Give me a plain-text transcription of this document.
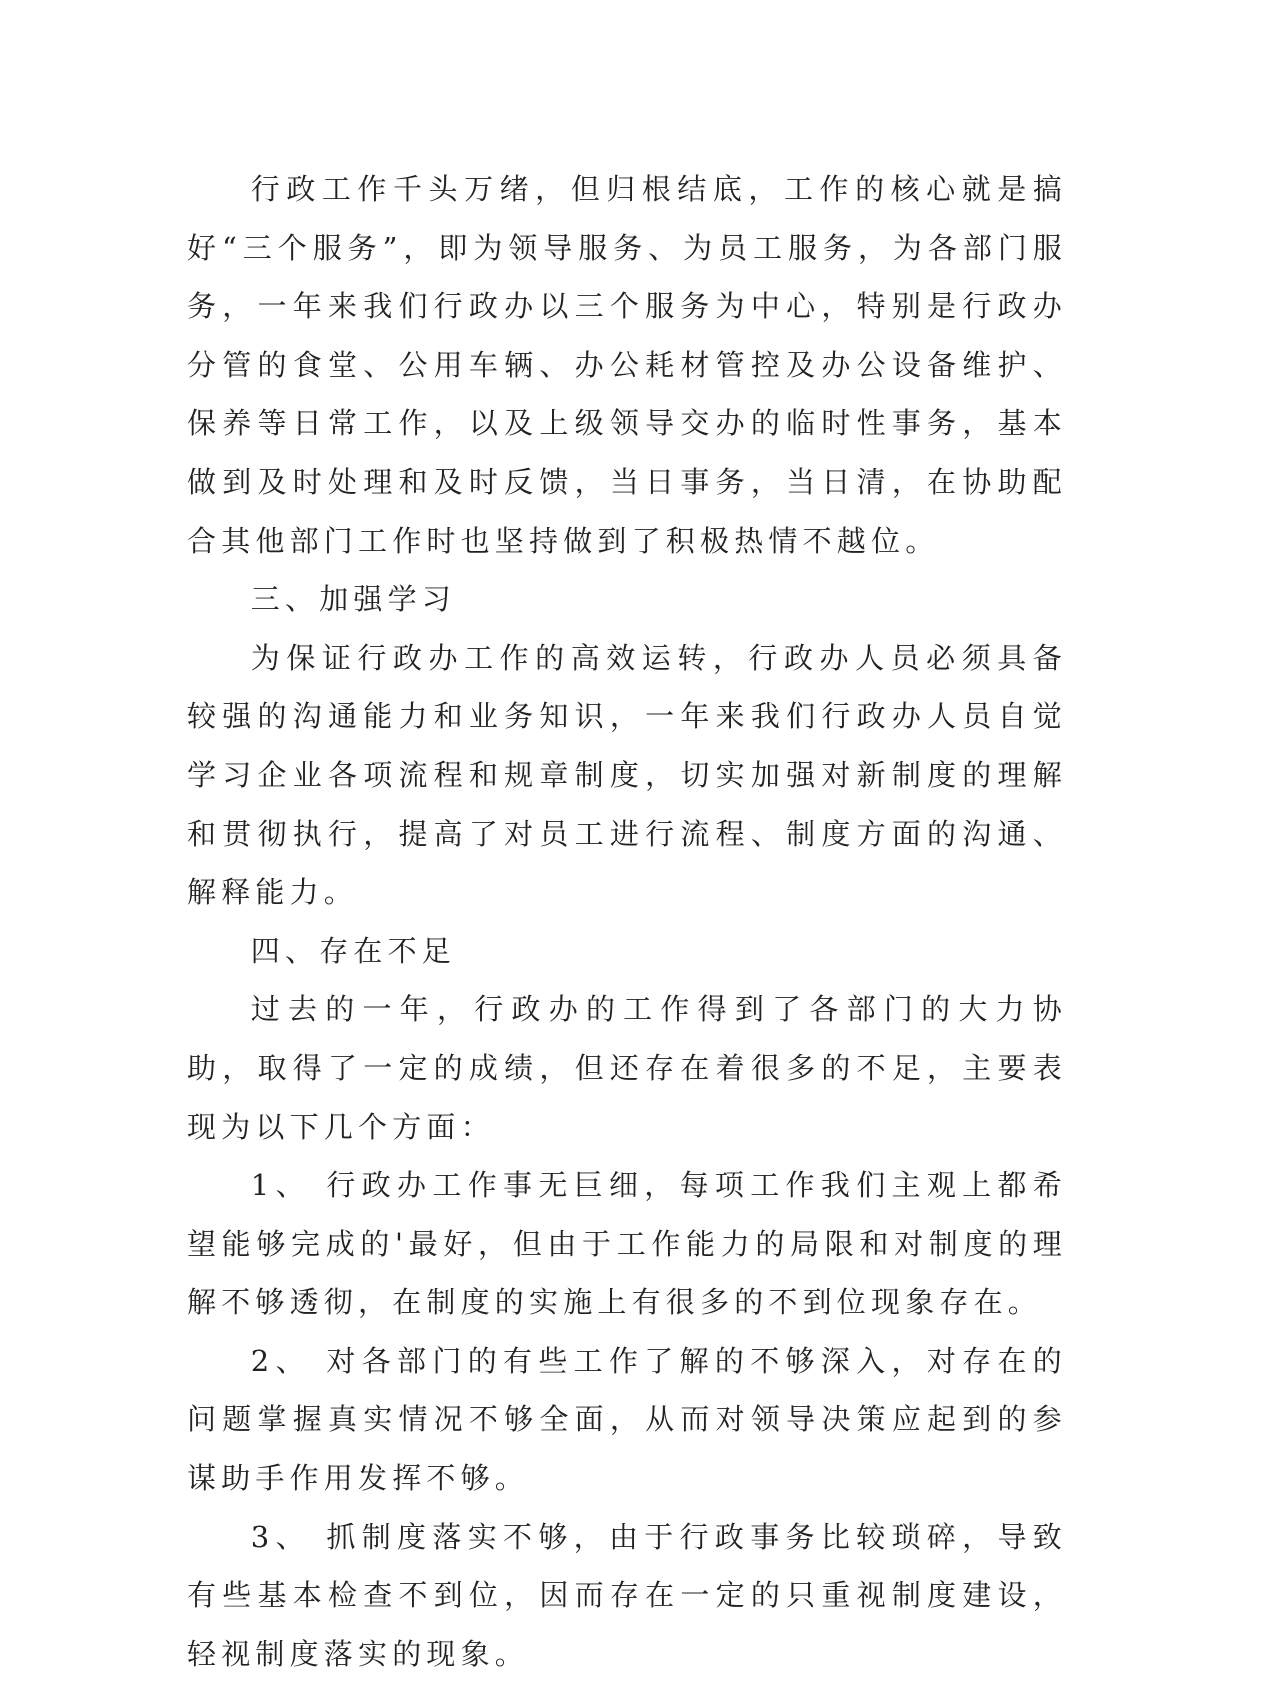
行政工作千头万绪，但归根结底，工作的核心就是搞好“三个服务”，即为领导服务、为员工服务，为各部门服务，一年来我们行政办以三个服务为中心，特别是行政办分管的食堂、公用车辆、办公耗材管控及办公设备维护、保养等日常工作，以及上级领导交办的临时性事务，基本做到及时处理和及时反馈，当日事务，当日清，在协助配合其他部门工作时也坚持做到了积极热情不越位。

三、加强学习

为保证行政办工作的高效运转，行政办人员必须具备较强的沟通能力和业务知识，一年来我们行政办人员自觉学习企业各项流程和规章制度，切实加强对新制度的理解和贯彻执行，提高了对员工进行流程、制度方面的沟通、解释能力。

四、存在不足

过去的一年，行政办的工作得到了各部门的大力协助，取得了一定的成绩，但还存在着很多的不足，主要表现为以下几个方面：

1、 行政办工作事无巨细，每项工作我们主观上都希望能够完成的'最好，但由于工作能力的局限和对制度的理解不够透彻，在制度的实施上有很多的不到位现象存在。

2、 对各部门的有些工作了解的不够深入，对存在的问题掌握真实情况不够全面，从而对领导决策应起到的参谋助手作用发挥不够。

3、 抓制度落实不够，由于行政事务比较琐碎，导致有些基本检查不到位，因而存在一定的只重视制度建设，轻视制度落实的现象。
